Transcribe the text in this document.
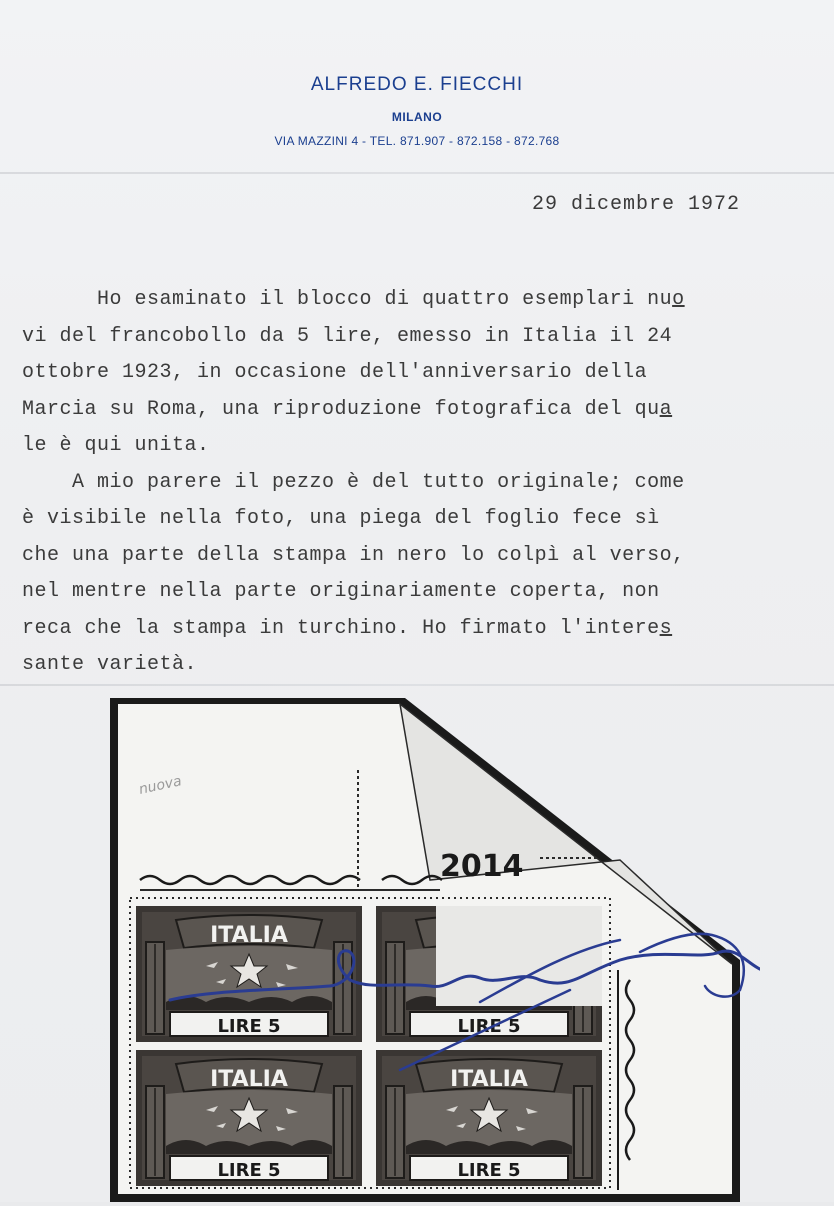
ALFREDO E. FIECCHI
MILANO
VIA MAZZINI 4 - TEL. 871.907 - 872.158 - 872.768
29 dicembre 1972
Ho esaminato il blocco di quattro esemplari nuo
vi del francobollo da 5 lire, emesso in Italia il 24
ottobre 1923, in occasione dell'anniversario della
Marcia su Roma, una riproduzione fotografica del qua
le è qui unita.
A mio parere il pezzo è del tutto originale; come
è visibile nella foto, una piega del foglio fece sì
che una parte della stampa in nero lo colpì al verso,
nel mentre nella parte originariamente coperta, non
reca che la stampa in turchino. Ho firmato l'interes
sante varietà.
2014
nuova
ITALIA
LIRE 5	LIRE 5
ITALIA
LIRE 5
ITALIA
LIRE 5
